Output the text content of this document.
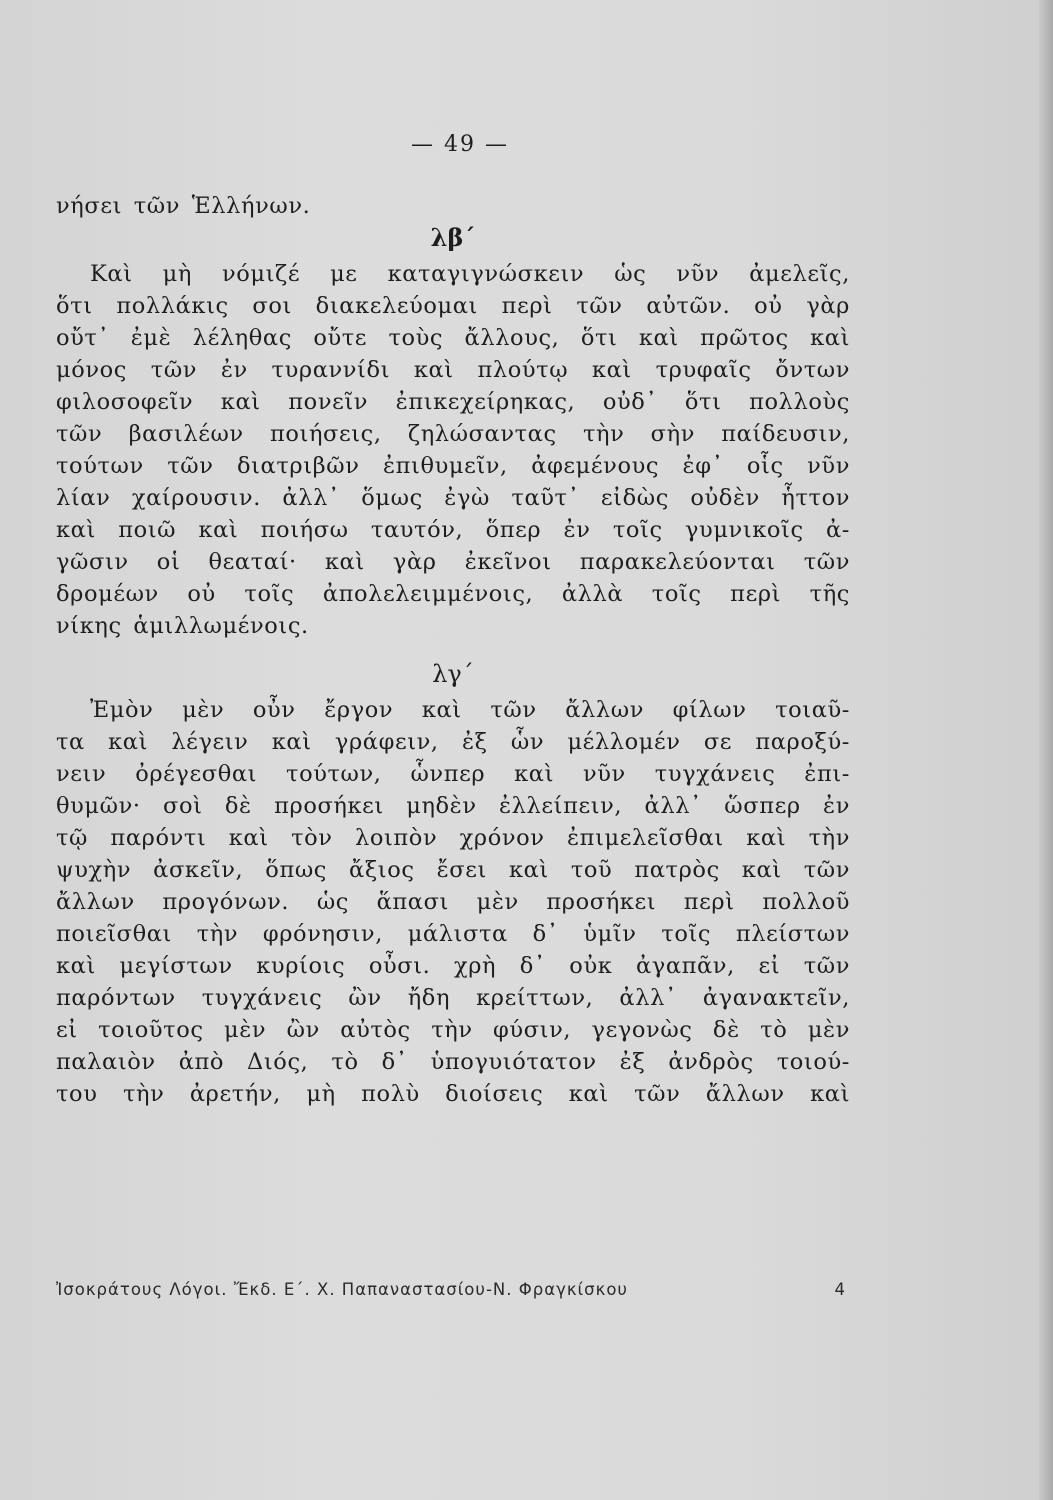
— 49 —
νήσει τῶν Ἑλλήνων.
λβ΄
Καὶ μὴ νόμιζέ με καταγιγνώσκειν ὡς νῦν ἀμελεῖς,
ὅτι πολλάκις σοι διακελεύομαι περὶ τῶν αὐτῶν. οὐ γὰρ
οὔτ᾽ ἐμὲ λέληθας οὔτε τοὺς ἄλλους, ὅτι καὶ πρῶτος καὶ
μόνος τῶν ἐν τυραννίδι καὶ πλούτῳ καὶ τρυφαῖς ὄντων
φιλοσοφεῖν καὶ πονεῖν ἐπικεχείρηκας, οὐδ᾽ ὅτι πολλοὺς
τῶν βασιλέων ποιήσεις, ζηλώσαντας τὴν σὴν παίδευσιν,
τούτων τῶν διατριβῶν ἐπιθυμεῖν, ἀφεμένους ἐφ᾽ οἷς νῦν
λίαν χαίρουσιν. ἀλλ᾽ ὅμως ἐγὼ ταῦτ᾽ εἰδὼς οὐδὲν ἧττον
καὶ ποιῶ καὶ ποιήσω ταυτόν, ὅπερ ἐν τοῖς γυμνικοῖς ἀ-
γῶσιν οἱ θεαταί· καὶ γὰρ ἐκεῖνοι παρακελεύονται τῶν
δρομέων οὐ τοῖς ἀπολελειμμένοις, ἀλλὰ τοῖς περὶ τῆς
νίκης ἁμιλλωμένοις.
λγ΄
Ἐμὸν μὲν οὖν ἔργον καὶ τῶν ἄλλων φίλων τοιαῦ-
τα καὶ λέγειν καὶ γράφειν, ἐξ ὧν μέλλομέν σε παροξύ-
νειν ὀρέγεσθαι τούτων, ὧνπερ καὶ νῦν τυγχάνεις ἐπι-
θυμῶν· σοὶ δὲ προσήκει μηδὲν ἐλλείπειν, ἀλλ᾽ ὥσπερ ἐν
τῷ παρόντι καὶ τὸν λοιπὸν χρόνον ἐπιμελεῖσθαι καὶ τὴν
ψυχὴν ἀσκεῖν, ὅπως ἄξιος ἔσει καὶ τοῦ πατρὸς καὶ τῶν
ἄλλων προγόνων. ὡς ἅπασι μὲν προσήκει περὶ πολλοῦ
ποιεῖσθαι τὴν φρόνησιν, μάλιστα δ᾽ ὑμῖν τοῖς πλείστων
καὶ μεγίστων κυρίοις οὖσι. χρὴ δ᾽ οὐκ ἀγαπᾶν, εἰ τῶν
παρόντων τυγχάνεις ὢν ἤδη κρείττων, ἀλλ᾽ ἀγανακτεῖν,
εἰ τοιοῦτος μὲν ὢν αὐτὸς τὴν φύσιν, γεγονὼς δὲ τὸ μὲν
παλαιὸν ἀπὸ Διός, τὸ δ᾽ ὑπογυιότατον ἐξ ἀνδρὸς τοιού-
του τὴν ἀρετήν, μὴ πολὺ διοίσεις καὶ τῶν ἄλλων καὶ
Ἰσοκράτους Λόγοι. Ἔκδ. Ε΄. Χ. Παπαναστασίου-Ν. Φραγκίσκου	4
